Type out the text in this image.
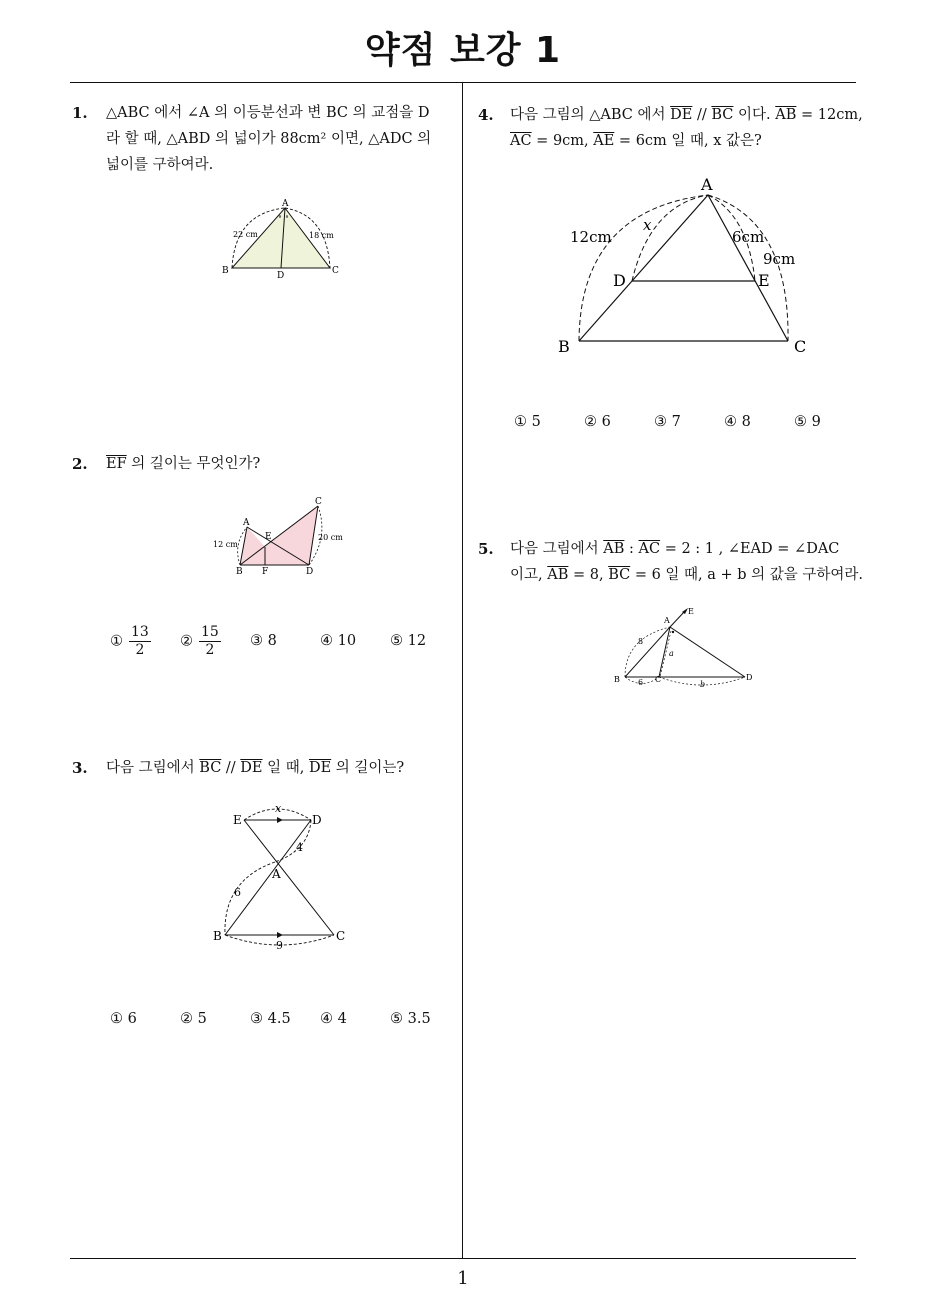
약점 보강 1
1
1. △ABC 에서 ∠A 의 이등분선과 변 BC 의 교점을 D
라 할 때, △ABD 의 넓이가 88cm² 이면, △ADC 의
넓이를 구하여라.
A
B	C
D
22 cm	18 cm
∘ ∘
2. $\overline{EF}$ 의 길이는 무엇인가?
A
B
C
D
E
F
12 cm
20 cm
① $\frac{13}{2}$ ② $\frac{15}{2}$ ③ 8	④ 10 ⑤ 12
3. 다음 그림에서 $\overline{BC} // \overline{DE}$ 일 때, $\overline{DE}$ 의 길이는?
E	D
A
B	C
x
4
6
9
① 6	② 5	③ 4.5 ④ 4	⑤ 3.5
4. 다음 그림의 △ABC 에서 $\overline{DE} // \overline{BC}$ 이다. $\overline{AB} = 12cm$,
$\overline{AC} = 9cm$, $\overline{AE} = 6cm$ 일 때, x 값은?
A
B	C
D	E
x
12cm	6cm
9cm
① 5	② 6	③ 7	④ 8	⑤ 9
5. 다음 그림에서 $\overline{AB}$ : $\overline{AC} = 2$ : 1 , ∠EAD = ∠DAC
이고, $\overline{AB} = 8$, $\overline{BC} = 6$ 일 때, a + b 의 값을 구하여라.
A
E
B	C	D
8
a
6	b
